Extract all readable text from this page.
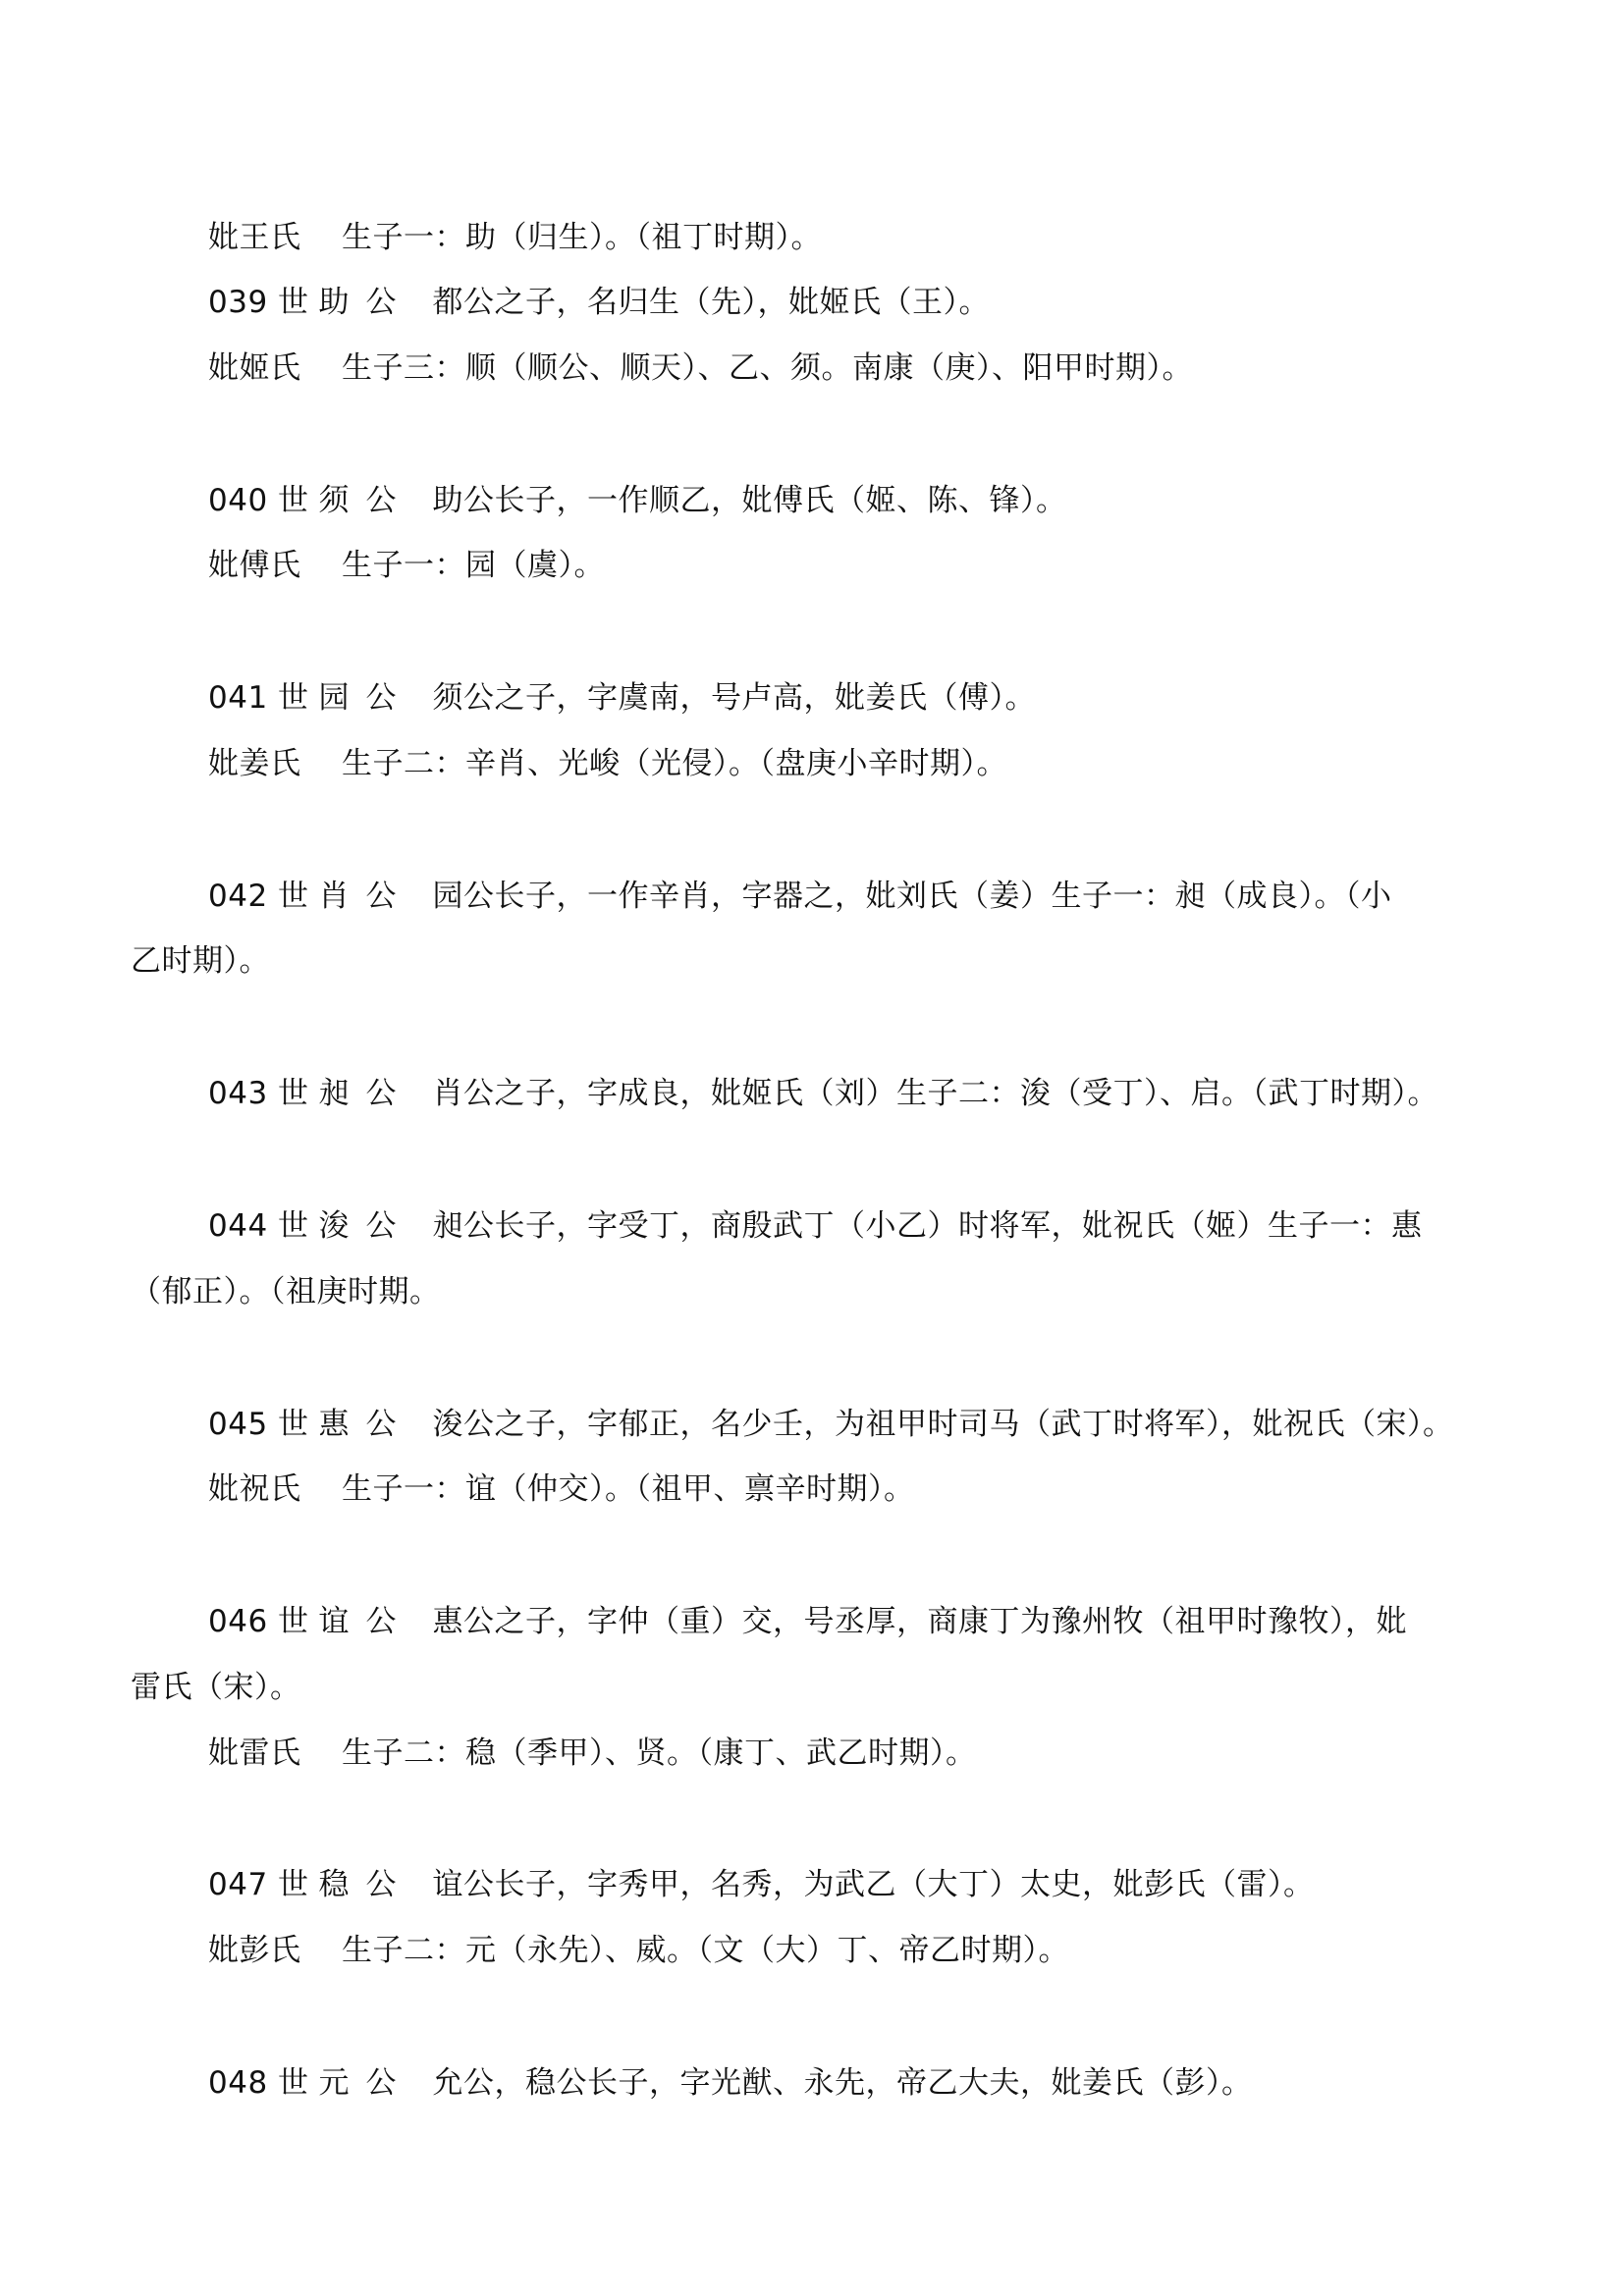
妣王氏 生子一：助（归生）。（祖丁时期）。
039 世 助 公 都公之子，名归生（先），妣姬氏（王）。
妣姬氏 生子三：顺（顺公、顺天）、乙、须。南康（庚）、阳甲时期）。
040 世 须 公 助公长子，一作顺乙，妣傅氏（姬、陈、锋）。
妣傅氏 生子一：园（虞）。
041 世 园 公 须公之子，字虞南，号卢高，妣姜氏（傅）。
妣姜氏 生子二：辛肖、光峻（光侵）。（盘庚小辛时期）。
042 世 肖 公 园公长子，一作辛肖，字器之，妣刘氏（姜）生子一：昶（成良）。（小
乙时期）。
043 世 昶 公 肖公之子，字成良，妣姬氏（刘）生子二：浚（受丁）、启。（武丁时期）。
044 世 浚 公 昶公长子，字受丁，商殷武丁（小乙）时将军，妣祝氏（姬）生子一：惠
（郁正）。（祖庚时期。
045 世 惠 公 浚公之子，字郁正，名少壬，为祖甲时司马（武丁时将军），妣祝氏（宋）。
妣祝氏 生子一：谊（仲交）。（祖甲、禀辛时期）。
046 世 谊 公 惠公之子，字仲（重）交，号丞厚，商康丁为豫州牧（祖甲时豫牧），妣
雷氏（宋）。
妣雷氏 生子二：稳（季甲）、贤。（康丁、武乙时期）。
047 世 稳 公 谊公长子，字秀甲，名秀，为武乙（大丁）太史，妣彭氏（雷）。
妣彭氏 生子二：元（永先）、威。（文（大）丁、帝乙时期）。
048 世 元 公 允公，稳公长子，字光猷、永先，帝乙大夫，妣姜氏（彭）。
